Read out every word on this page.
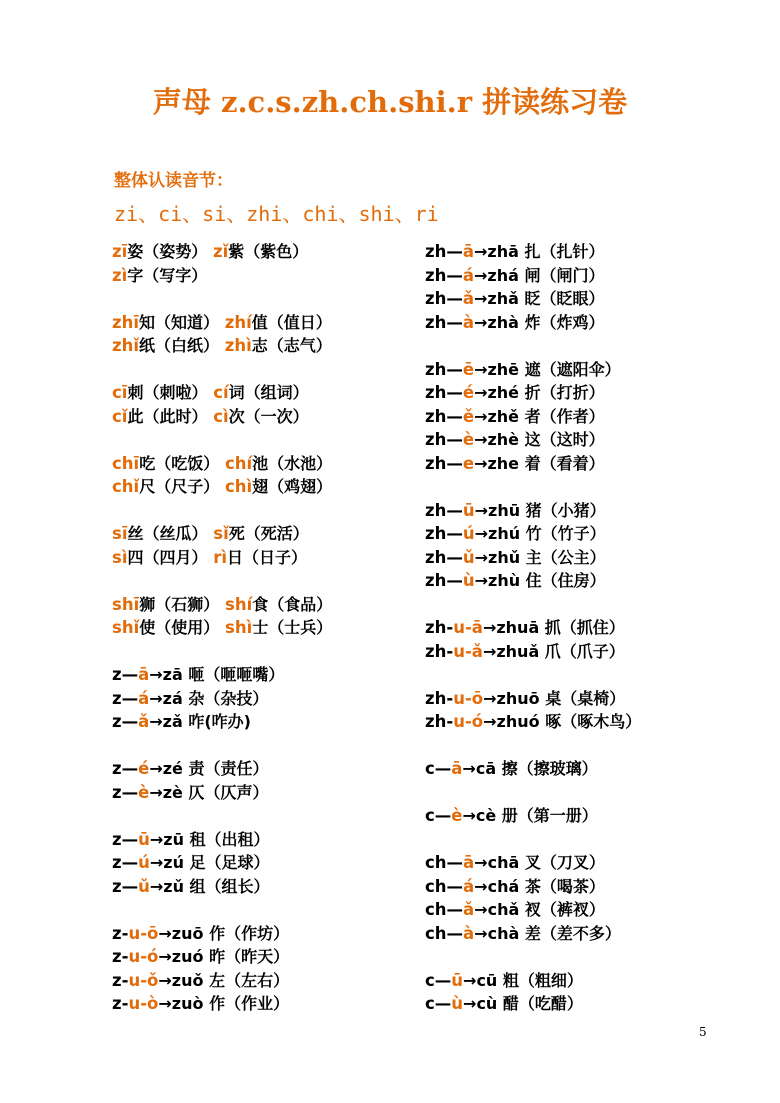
声母 z.c.s.zh.ch.shi.r 拼读练习卷
整体认读音节：
zi、ci、si、zhi、chi、shi、ri
zī姿（姿势） zǐ紫（紫色）
zì字（写字）
zhī知（知道） zhí值（值日）
zhǐ纸（白纸） zhì志（志气）
cī刺（刺啦） cí词（组词）
cǐ此（此时） cì次（一次）
chī吃（吃饭） chí池（水池）
chǐ尺（尺子） chì翅（鸡翅）
sī丝（丝瓜） sǐ死（死活）
sì四（四月） rì日（日子）
shī狮（石狮） shí食（食品）
shǐ使（使用） shì士（士兵）
z—ā→zā 咂（咂咂嘴）
z—á→zá 杂（杂技）
z—ǎ→zǎ 咋(咋办)
z—é→zé 责（责任）
z—è→zè 仄（仄声）
z—ū→zū 租（出租）
z—ú→zú 足（足球）
z—ǔ→zǔ 组（组长）
z-u-ō→zuō 作（作坊）
z-u-ó→zuó 昨（昨天）
z-u-ǒ→zuǒ 左（左右）
z-u-ò→zuò 作（作业）
zh—ā→zhā 扎（扎针）
zh—á→zhá 闸（闸门）
zh—ǎ→zhǎ 眨（眨眼）
zh—à→zhà 炸（炸鸡）
zh—ē→zhē 遮（遮阳伞）
zh—é→zhé 折（打折）
zh—ě→zhě 者（作者）
zh—è→zhè 这（这时）
zh—e→zhe 着（看着）
zh—ū→zhū 猪（小猪）
zh—ú→zhú 竹（竹子）
zh—ǔ→zhǔ 主（公主）
zh—ù→zhù 住（住房）
zh-u-ā→zhuā 抓（抓住）
zh-u-ǎ→zhuǎ 爪（爪子）
zh-u-ō→zhuō 桌（桌椅）
zh-u-ó→zhuó 啄（啄木鸟）
c—ā→cā 擦（擦玻璃）
c—è→cè 册（第一册）
ch—ā→chā 叉（刀叉）
ch—á→chá 茶（喝茶）
ch—ǎ→chǎ 衩（裤衩）
ch—à→chà 差（差不多）
c—ū→cū 粗（粗细）
c—ù→cù 醋（吃醋）
5
